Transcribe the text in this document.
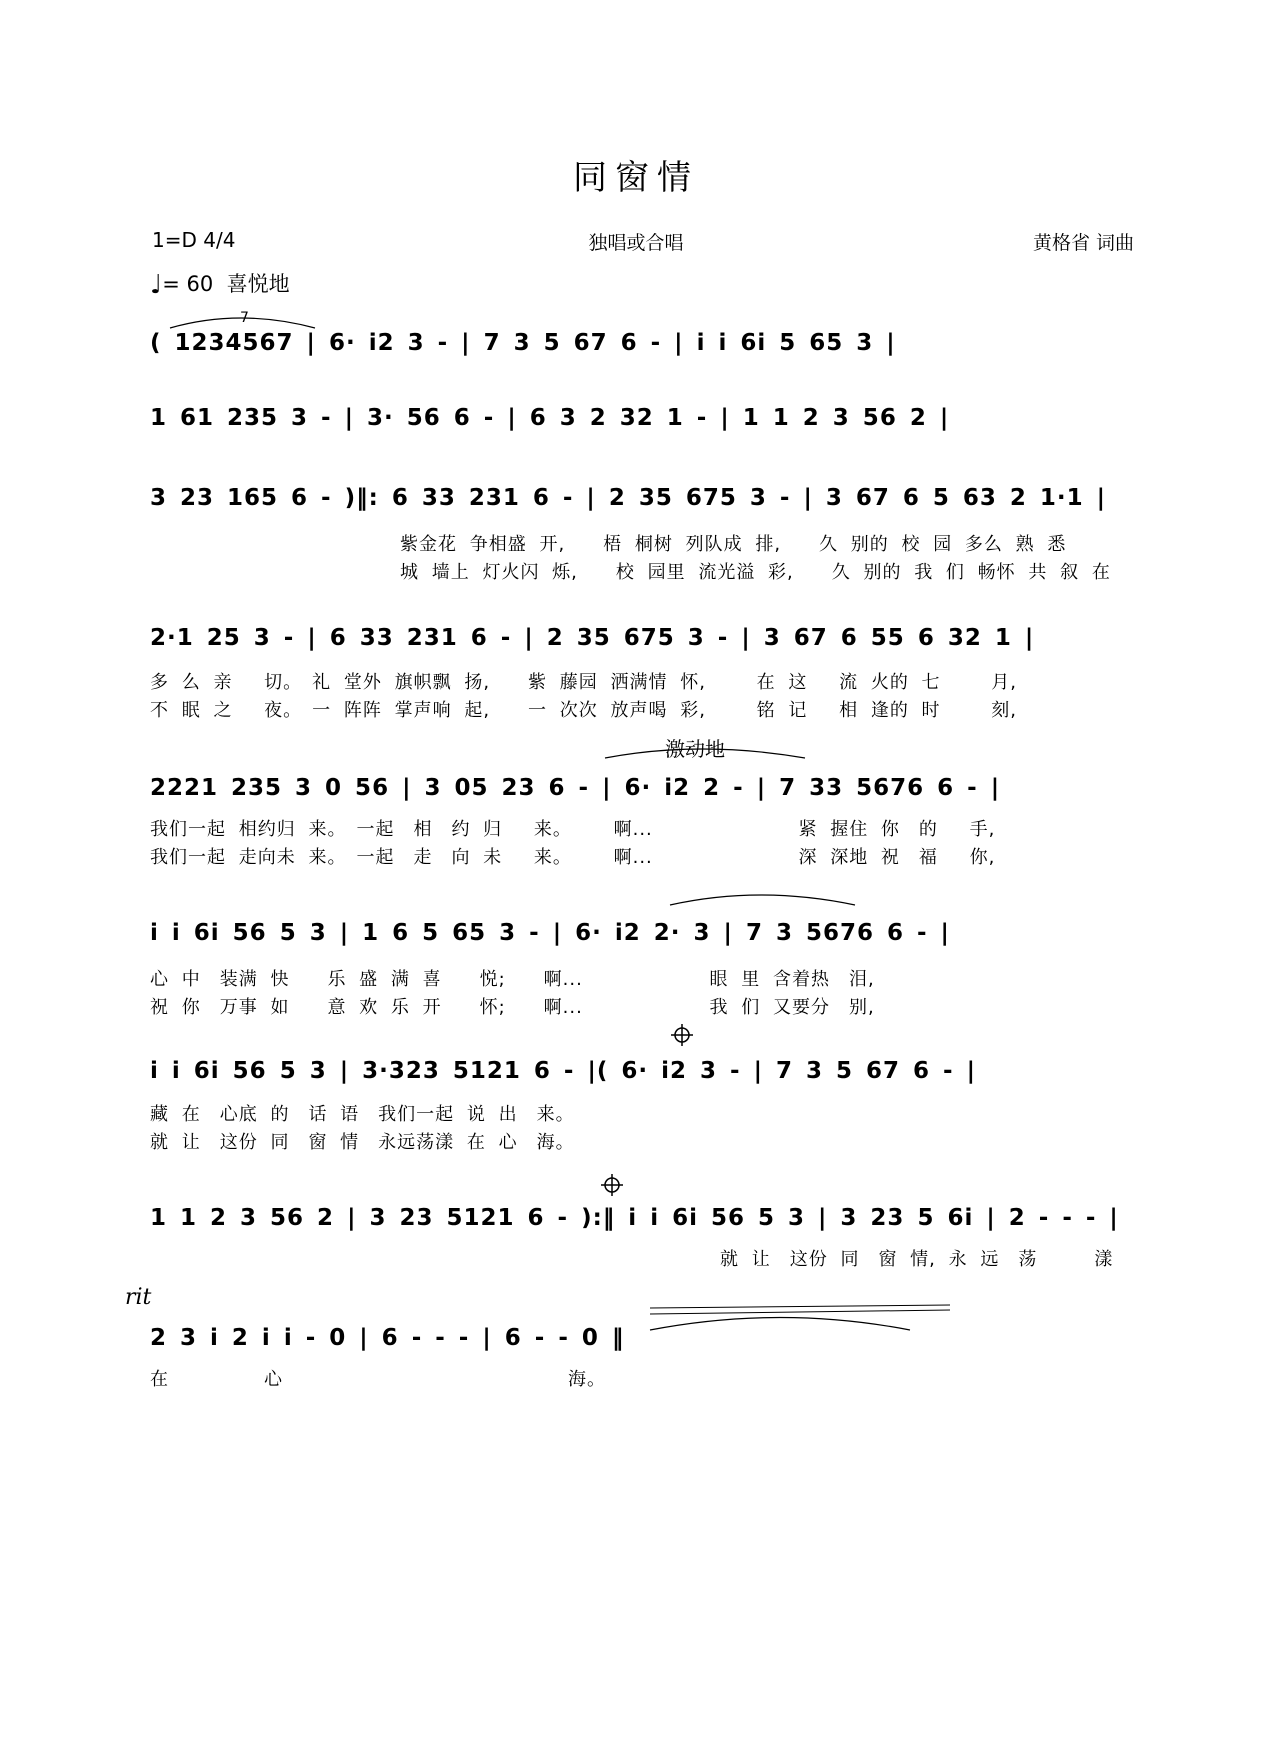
同窗情
1=D 4/4	独唱或合唱	黄格省 词曲
♩= 60 喜悦地
( 1234567 | 6· i2 3 - | 7 3 5 67 6 - | i i 6i 5 65 3 |
1 61 235 3 - | 3· 56 6 - | 6 3 2 32 1 - | 1 1 2 3 56 2 |
3 23 165 6 - )‖: 6 33 231 6 - | 2 35 675 3 - | 3 67 6 5 63 2 1·1 |
紫金花 争相盛 开,　　梧 桐树 列队成 排,　　久 别的 校 园 多么 熟 悉
城 墙上 灯火闪 烁,　　校 园里 流光溢 彩,　　久 别的 我 们 畅怀 共 叙 在
2·1 25 3 - | 6 33 231 6 - | 2 35 675 3 - | 3 67 6 55 6 32 1 |
多 么 亲　 切。　礼 堂外 旗帜飘 扬,　　紫 藤园 洒满情 怀,　　 在 这　 流 火的 七　　 月,
不 眠 之　 夜。　一 阵阵 掌声响 起,　　一 次次 放声喝 彩,　　 铭 记　 相 逢的 时　　 刻,
激动地
2221 235 3 0 56 | 3 05 23 6 - | 6· i2 2 - | 7 33 5676 6 - |
我们一起 相约归 来。　一起　相　约 归　 来。　　 啊...　　　　　　　 紧 握住 你　的　 手,
我们一起 走向未 来。　一起　走　向 未　 来。　　 啊...　　　　　　　 深 深地 祝　福　 你,
i i 6i 56 5 3 | 1 6 5 65 3 - | 6· i2 2· 3 | 7 3 5676 6 - |
心 中　装满 快　　乐 盛 满 喜　　悦;　　啊...　　　　　　 眼 里 含着热　泪,
祝 你　万事 如　　意 欢 乐 开　　怀;　　啊...　　　　　　 我 们 又要分　别,
i i 6i 56 5 3 | 3·323 5121 6 - |( 6· i2 3 - | 7 3 5 67 6 - |
藏 在　心底 的　话 语　我们一起 说 出　来。
就 让　这份 同　窗 情　永远荡漾 在 心　海。
1 1 2 3 56 2 | 3 23 5121 6 - ):‖ i i 6i 56 5 3 | 3 23 5 6i | 2 - - - |
　　　　　　　　　　　　　　　　　　　　　　　　　　　　　　就 让　这份 同　窗 情, 永 远　荡　　　漾
rit
2 3 i 2 i i - 0 | 6 - - - | 6 - - 0 ‖
在　　　　　心　　　　　　　　　　　　　　　海。
7
